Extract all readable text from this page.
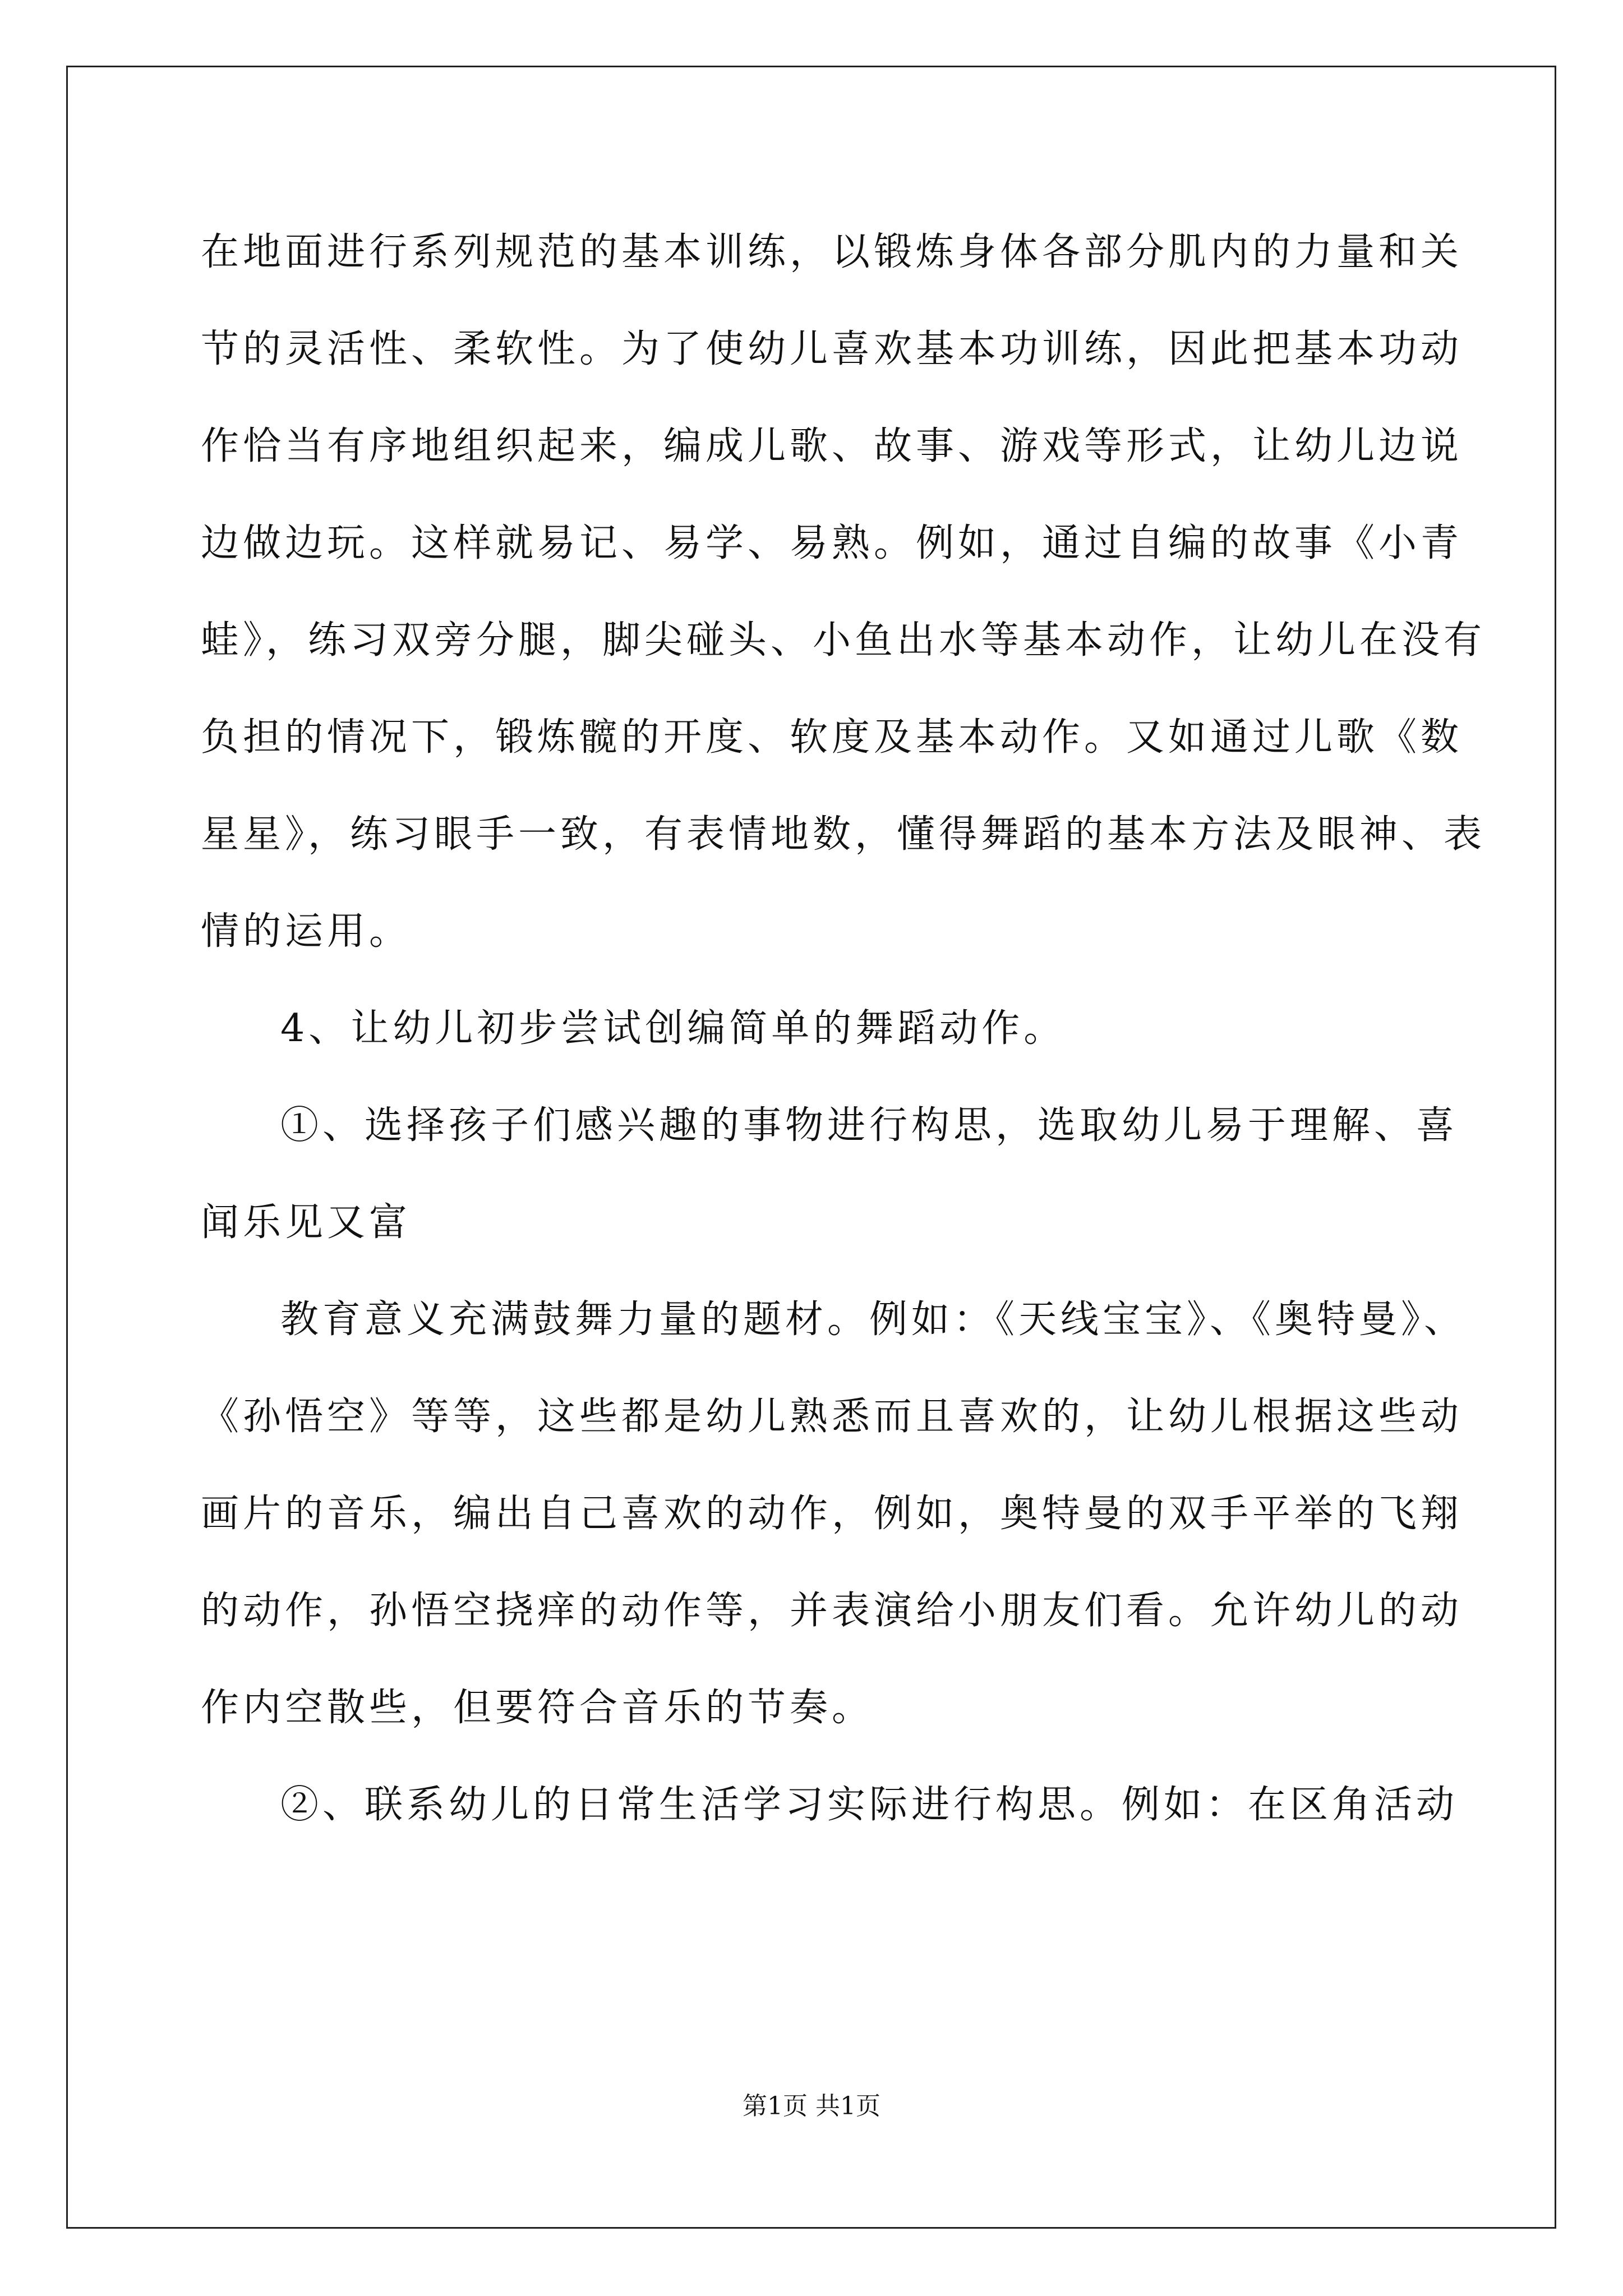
在地面进行系列规范的基本训练，以锻炼身体各部分肌内的力量和关
节的灵活性、柔软性。为了使幼儿喜欢基本功训练，因此把基本功动
作恰当有序地组织起来，编成儿歌、故事、游戏等形式，让幼儿边说
边做边玩。这样就易记、易学、易熟。例如，通过自编的故事《小青
蛙》，练习双旁分腿，脚尖碰头、小鱼出水等基本动作，让幼儿在没有
负担的情况下，锻炼髋的开度、软度及基本动作。又如通过儿歌《数
星星》，练习眼手一致，有表情地数，懂得舞蹈的基本方法及眼神、表
情的运用。
4、让幼儿初步尝试创编简单的舞蹈动作。
①、选择孩子们感兴趣的事物进行构思，选取幼儿易于理解、喜
闻乐见又富
教育意义充满鼓舞力量的题材。例如：《天线宝宝》、《奥特曼》、
《孙悟空》等等，这些都是幼儿熟悉而且喜欢的，让幼儿根据这些动
画片的音乐，编出自己喜欢的动作，例如，奥特曼的双手平举的飞翔
的动作，孙悟空挠痒的动作等，并表演给小朋友们看。允许幼儿的动
作内空散些，但要符合音乐的节奏。
②、联系幼儿的日常生活学习实际进行构思。例如：在区角活动
第1页 共1页
